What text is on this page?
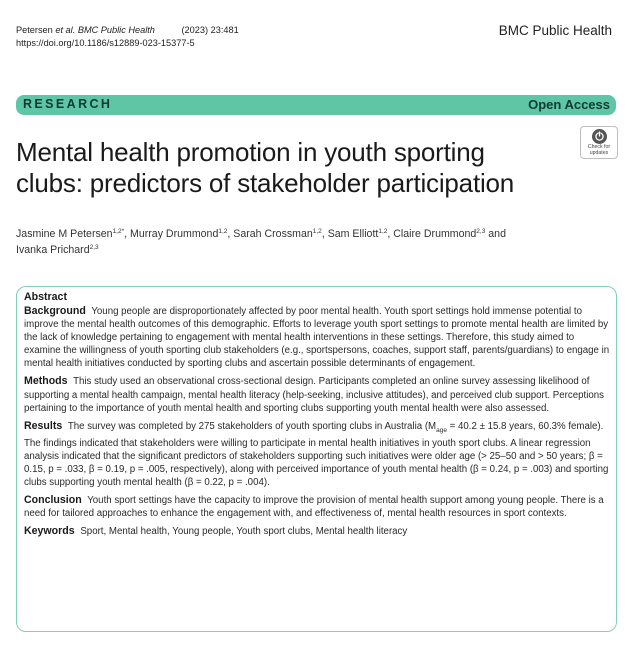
Petersen et al. BMC Public Health	(2023) 23:481
https://doi.org/10.1186/s12889-023-15377-5
BMC Public Health
RESEARCH	Open Access
Mental health promotion in youth sporting clubs: predictors of stakeholder participation
Check for
updates
Jasmine M Petersen$^{1,2*}$, Murray Drummond$^{1,2}$, Sarah Crossman$^{1,2}$, Sam Elliott$^{1,2}$, Claire Drummond$^{2,3}$ and
Ivanka Prichard$^{2,3}$
Abstract
Background Young people are disproportionately affected by poor mental health. Youth sport settings hold immense potential to improve the mental health outcomes of this demographic. Efforts to leverage youth sport settings to promote mental health are limited by the lack of knowledge pertaining to engagement with mental health interventions in these settings. Therefore, this study aimed to examine the willingness of youth sporting club stakeholders (e.g., sportspersons, coaches, support staff, parents/guardians) to engage in mental health initiatives conducted by sporting clubs and ascertain possible determinants of engagement.
Methods This study used an observational cross-sectional design. Participants completed an online survey assessing likelihood of supporting a mental health campaign, mental health literacy (help-seeking, inclusive attitudes), and perceived club support. Perceptions pertaining to the importance of youth mental health and sporting clubs supporting youth mental health were also assessed.
Results The survey was completed by 275 stakeholders of youth sporting clubs in Australia ($M_{age} = 40.2 \pm 15.8$ years, 60.3% female). The findings indicated that stakeholders were willing to participate in mental health initiatives in youth sport clubs. A linear regression analysis indicated that the significant predictors of stakeholders supporting such initiatives were older age (> 25–50 and > 50 years; β = 0.15, p = .033, β = 0.19, p = .005, respectively), along with perceived importance of youth mental health (β = 0.24, p = .003) and sporting clubs supporting youth mental health (β = 0.22, p = .004).
Conclusion Youth sport settings have the capacity to improve the provision of mental health support among young people. There is a need for tailored approaches to enhance the engagement with, and effectiveness of, mental health resources in sport contexts.
Keywords Sport, Mental health, Young people, Youth sport clubs, Mental health literacy
